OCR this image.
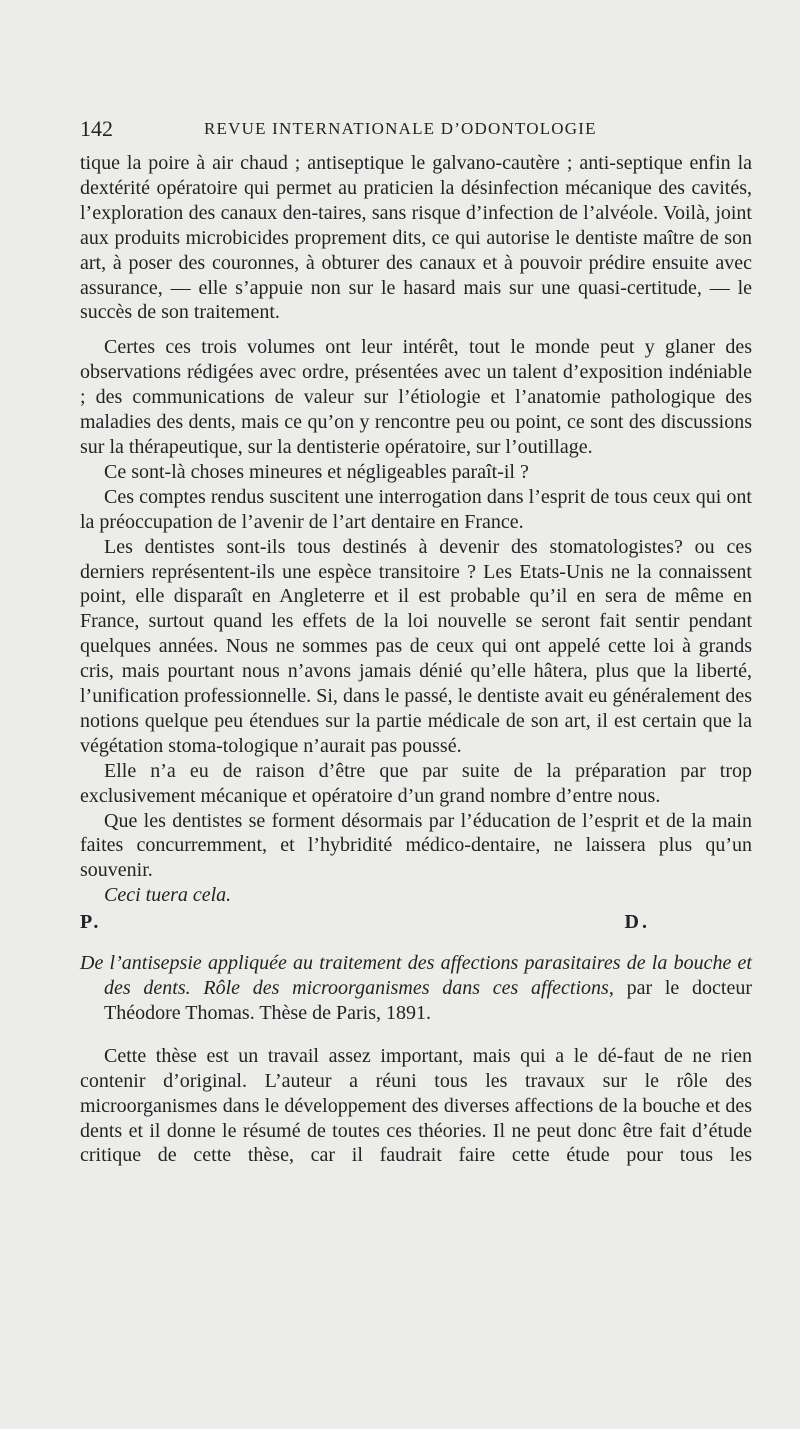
142	REVUE INTERNATIONALE D’ODONTOLOGIE

tique la poire à air chaud ; antiseptique le galvano-cautère ; anti-septique enfin la dextérité opératoire qui permet au praticien la désinfection mécanique des cavités, l’exploration des canaux den-taires, sans risque d’infection de l’alvéole. Voilà, joint aux produits microbicides proprement dits, ce qui autorise le dentiste maître de son art, à poser des couronnes, à obturer des canaux et à pouvoir prédire ensuite avec assurance, — elle s’appuie non sur le hasard mais sur une quasi-certitude, — le succès de son traitement.

Certes ces trois volumes ont leur intérêt, tout le monde peut y glaner des observations rédigées avec ordre, présentées avec un talent d’exposition indéniable ; des communications de valeur sur l’étiologie et l’anatomie pathologique des maladies des dents, mais ce qu’on y rencontre peu ou point, ce sont des discussions sur la thérapeutique, sur la dentisterie opératoire, sur l’outillage.

Ce sont-là choses mineures et négligeables paraît-il ?

Ces comptes rendus suscitent une interrogation dans l’esprit de tous ceux qui ont la préoccupation de l’avenir de l’art dentaire en France.

Les dentistes sont-ils tous destinés à devenir des stomatologistes? ou ces derniers représentent-ils une espèce transitoire ? Les Etats-Unis ne la connaissent point, elle disparaît en Angleterre et il est probable qu’il en sera de même en France, surtout quand les effets de la loi nouvelle se seront fait sentir pendant quelques années. Nous ne sommes pas de ceux qui ont appelé cette loi à grands cris, mais pourtant nous n’avons jamais dénié qu’elle hâtera, plus que la liberté, l’unification professionnelle. Si, dans le passé, le dentiste avait eu généralement des notions quelque peu étendues sur la partie médicale de son art, il est certain que la végétation stoma-tologique n’aurait pas poussé.

Elle n’a eu de raison d’être que par suite de la préparation par trop exclusivement mécanique et opératoire d’un grand nombre d’entre nous.

Que les dentistes se forment désormais par l’éducation de l’esprit et de la main faites concurremment, et l’hybridité médico-dentaire, ne laissera plus qu’un souvenir.

Ceci tuera cela.

P. D.

De l’antisepsie appliquée au traitement des affections parasitaires de la bouche et des dents. Rôle des microorganismes dans ces affections, par le docteur Théodore Thomas. Thèse de Paris, 1891.

Cette thèse est un travail assez important, mais qui a le dé-faut de ne rien contenir d’original. L’auteur a réuni tous les travaux sur le rôle des microorganismes dans le développement des diverses affections de la bouche et des dents et il donne le résumé de toutes ces théories. Il ne peut donc être fait d’étude critique de cette thèse, car il faudrait faire cette étude pour tous les
